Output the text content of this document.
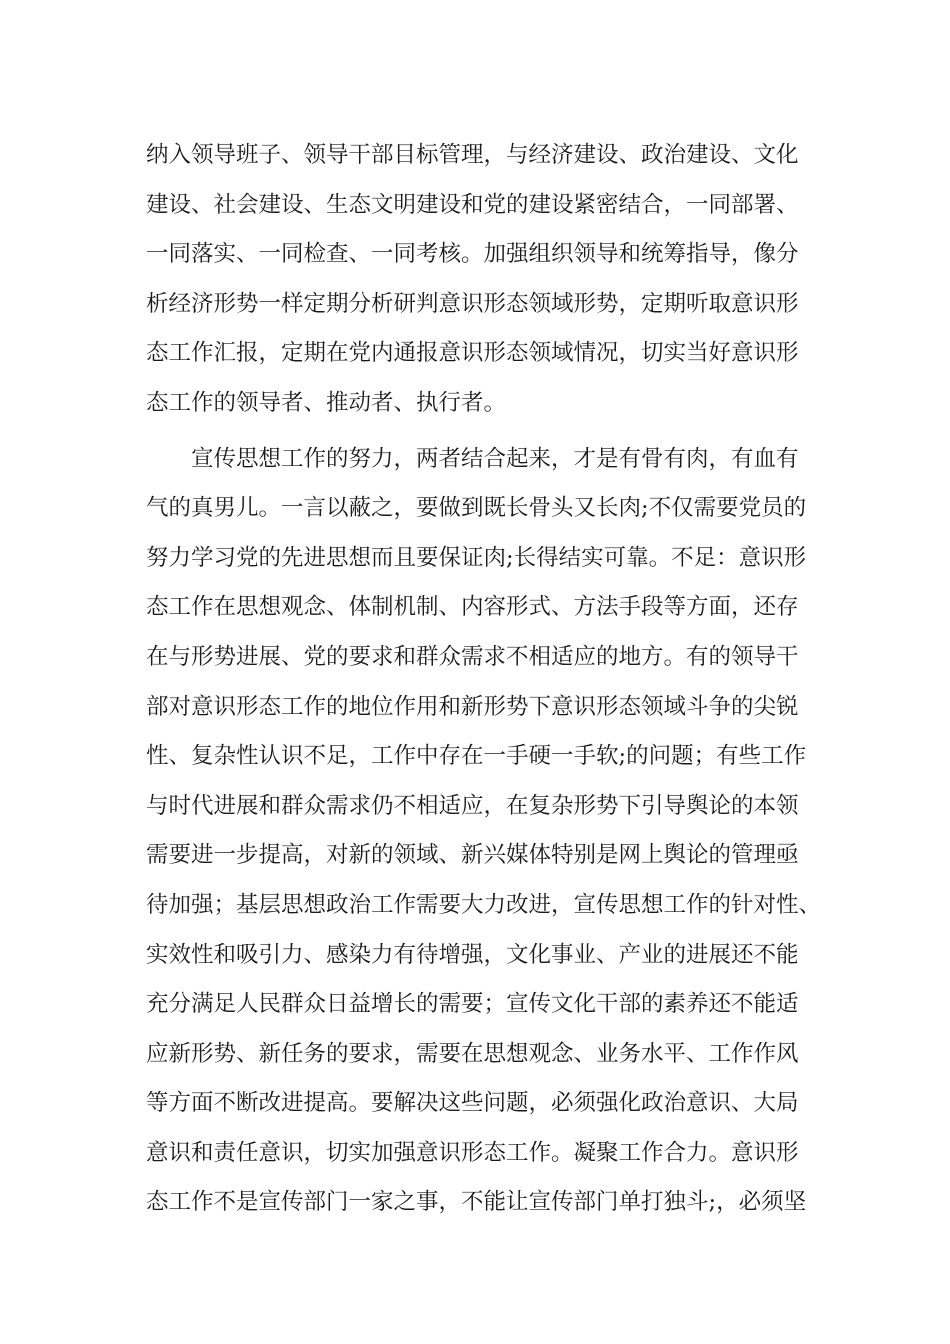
纳入领导班子、领导干部目标管理，与经济建设、政治建设、文化
建设、社会建设、生态文明建设和党的建设紧密结合，一同部署、
一同落实、一同检查、一同考核。加强组织领导和统筹指导，像分
析经济形势一样定期分析研判意识形态领域形势，定期听取意识形
态工作汇报，定期在党内通报意识形态领域情况，切实当好意识形
态工作的领导者、推动者、执行者。
宣传思想工作的努力，两者结合起来，才是有骨有肉，有血有
气的真男儿。一言以蔽之，要做到既长骨头又长肉;不仅需要党员的
努力学习党的先进思想而且要保证肉;长得结实可靠。不足：意识形
态工作在思想观念、体制机制、内容形式、方法手段等方面，还存
在与形势进展、党的要求和群众需求不相适应的地方。有的领导干
部对意识形态工作的地位作用和新形势下意识形态领域斗争的尖锐
性、复杂性认识不足，工作中存在一手硬一手软;的问题；有些工作
与时代进展和群众需求仍不相适应，在复杂形势下引导舆论的本领
需要进一步提高，对新的领域、新兴媒体特别是网上舆论的管理亟
待加强；基层思想政治工作需要大力改进，宣传思想工作的针对性、
实效性和吸引力、感染力有待增强，文化事业、产业的进展还不能
充分满足人民群众日益增长的需要；宣传文化干部的素养还不能适
应新形势、新任务的要求，需要在思想观念、业务水平、工作作风
等方面不断改进提高。要解决这些问题，必须强化政治意识、大局
意识和责任意识，切实加强意识形态工作。凝聚工作合力。意识形
态工作不是宣传部门一家之事，不能让宣传部门单打独斗;，必须坚
